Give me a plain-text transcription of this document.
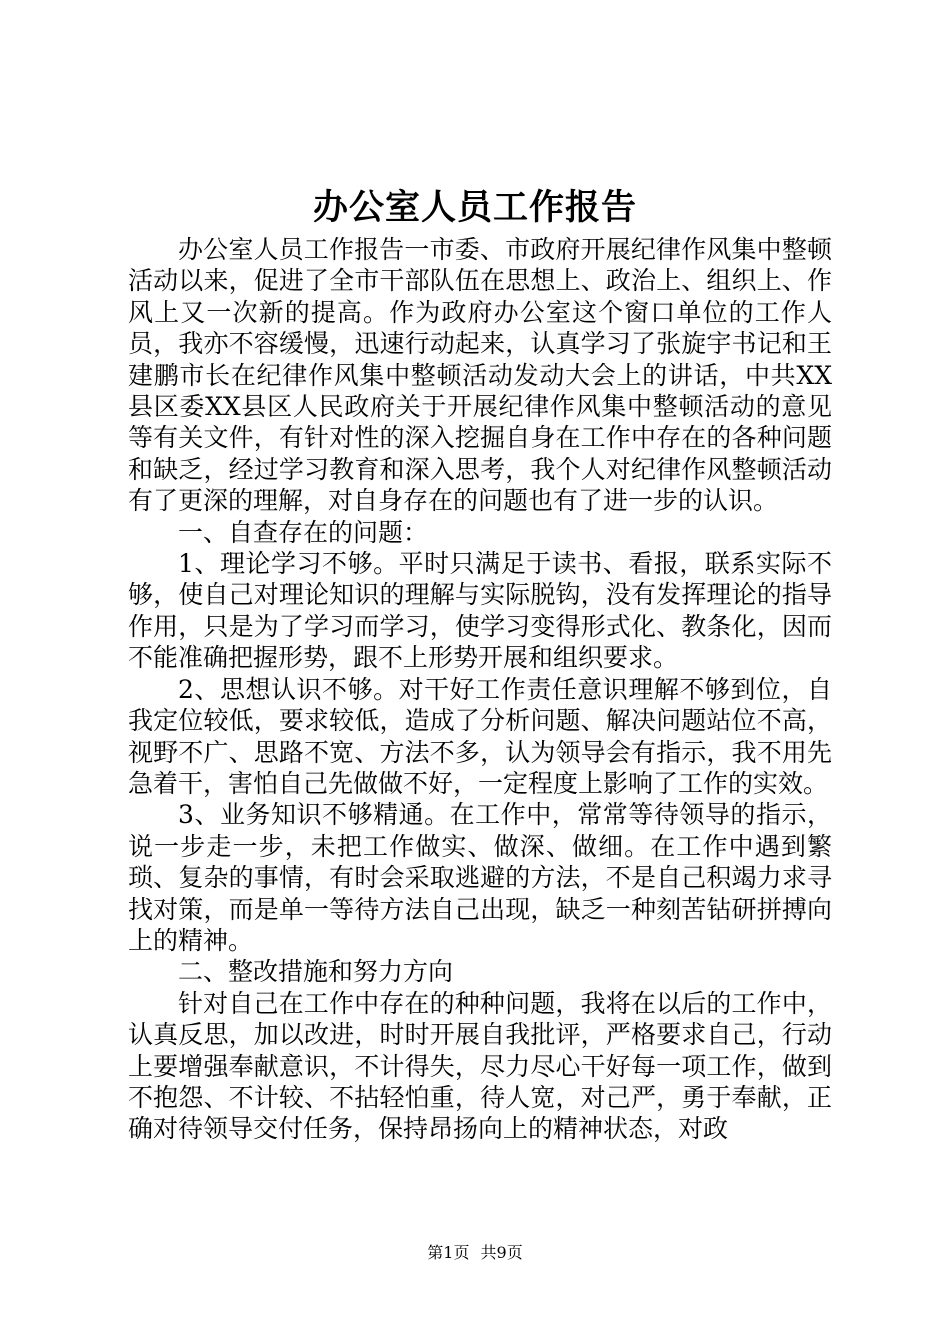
办公室人员工作报告

办公室人员工作报告一市委、市政府开展纪律作风集中整顿活动以来，促进了全市干部队伍在思想上、政治上、组织上、作风上又一次新的提高。作为政府办公室这个窗口单位的工作人员，我亦不容缓慢，迅速行动起来，认真学习了张旋宇书记和王建鹏市长在纪律作风集中整顿活动发动大会上的讲话，中共XX县区委XX县区人民政府关于开展纪律作风集中整顿活动的意见等有关文件，有针对性的深入挖掘自身在工作中存在的各种问题和缺乏，经过学习教育和深入思考，我个人对纪律作风整顿活动有了更深的理解，对自身存在的问题也有了进一步的认识。

一、自查存在的问题：

1、理论学习不够。平时只满足于读书、看报，联系实际不够，使自己对理论知识的理解与实际脱钩，没有发挥理论的指导作用，只是为了学习而学习，使学习变得形式化、教条化，因而不能准确把握形势，跟不上形势开展和组织要求。

2、思想认识不够。对干好工作责任意识理解不够到位，自我定位较低，要求较低，造成了分析问题、解决问题站位不高，视野不广、思路不宽、方法不多，认为领导会有指示，我不用先急着干，害怕自己先做做不好，一定程度上影响了工作的实效。

3、业务知识不够精通。在工作中，常常等待领导的指示，说一步走一步，未把工作做实、做深、做细。在工作中遇到繁琐、复杂的事情，有时会采取逃避的方法，不是自己积竭力求寻找对策，而是单一等待方法自己出现，缺乏一种刻苦钻研拼搏向上的精神。

二、整改措施和努力方向

针对自己在工作中存在的种种问题，我将在以后的工作中，认真反思，加以改进，时时开展自我批评，严格要求自己，行动上要增强奉献意识，不计得失，尽力尽心干好每一项工作，做到不抱怨、不计较、不拈轻怕重，待人宽，对己严，勇于奉献，正确对待领导交付任务，保持昂扬向上的精神状态，对政

第1页 共9页
